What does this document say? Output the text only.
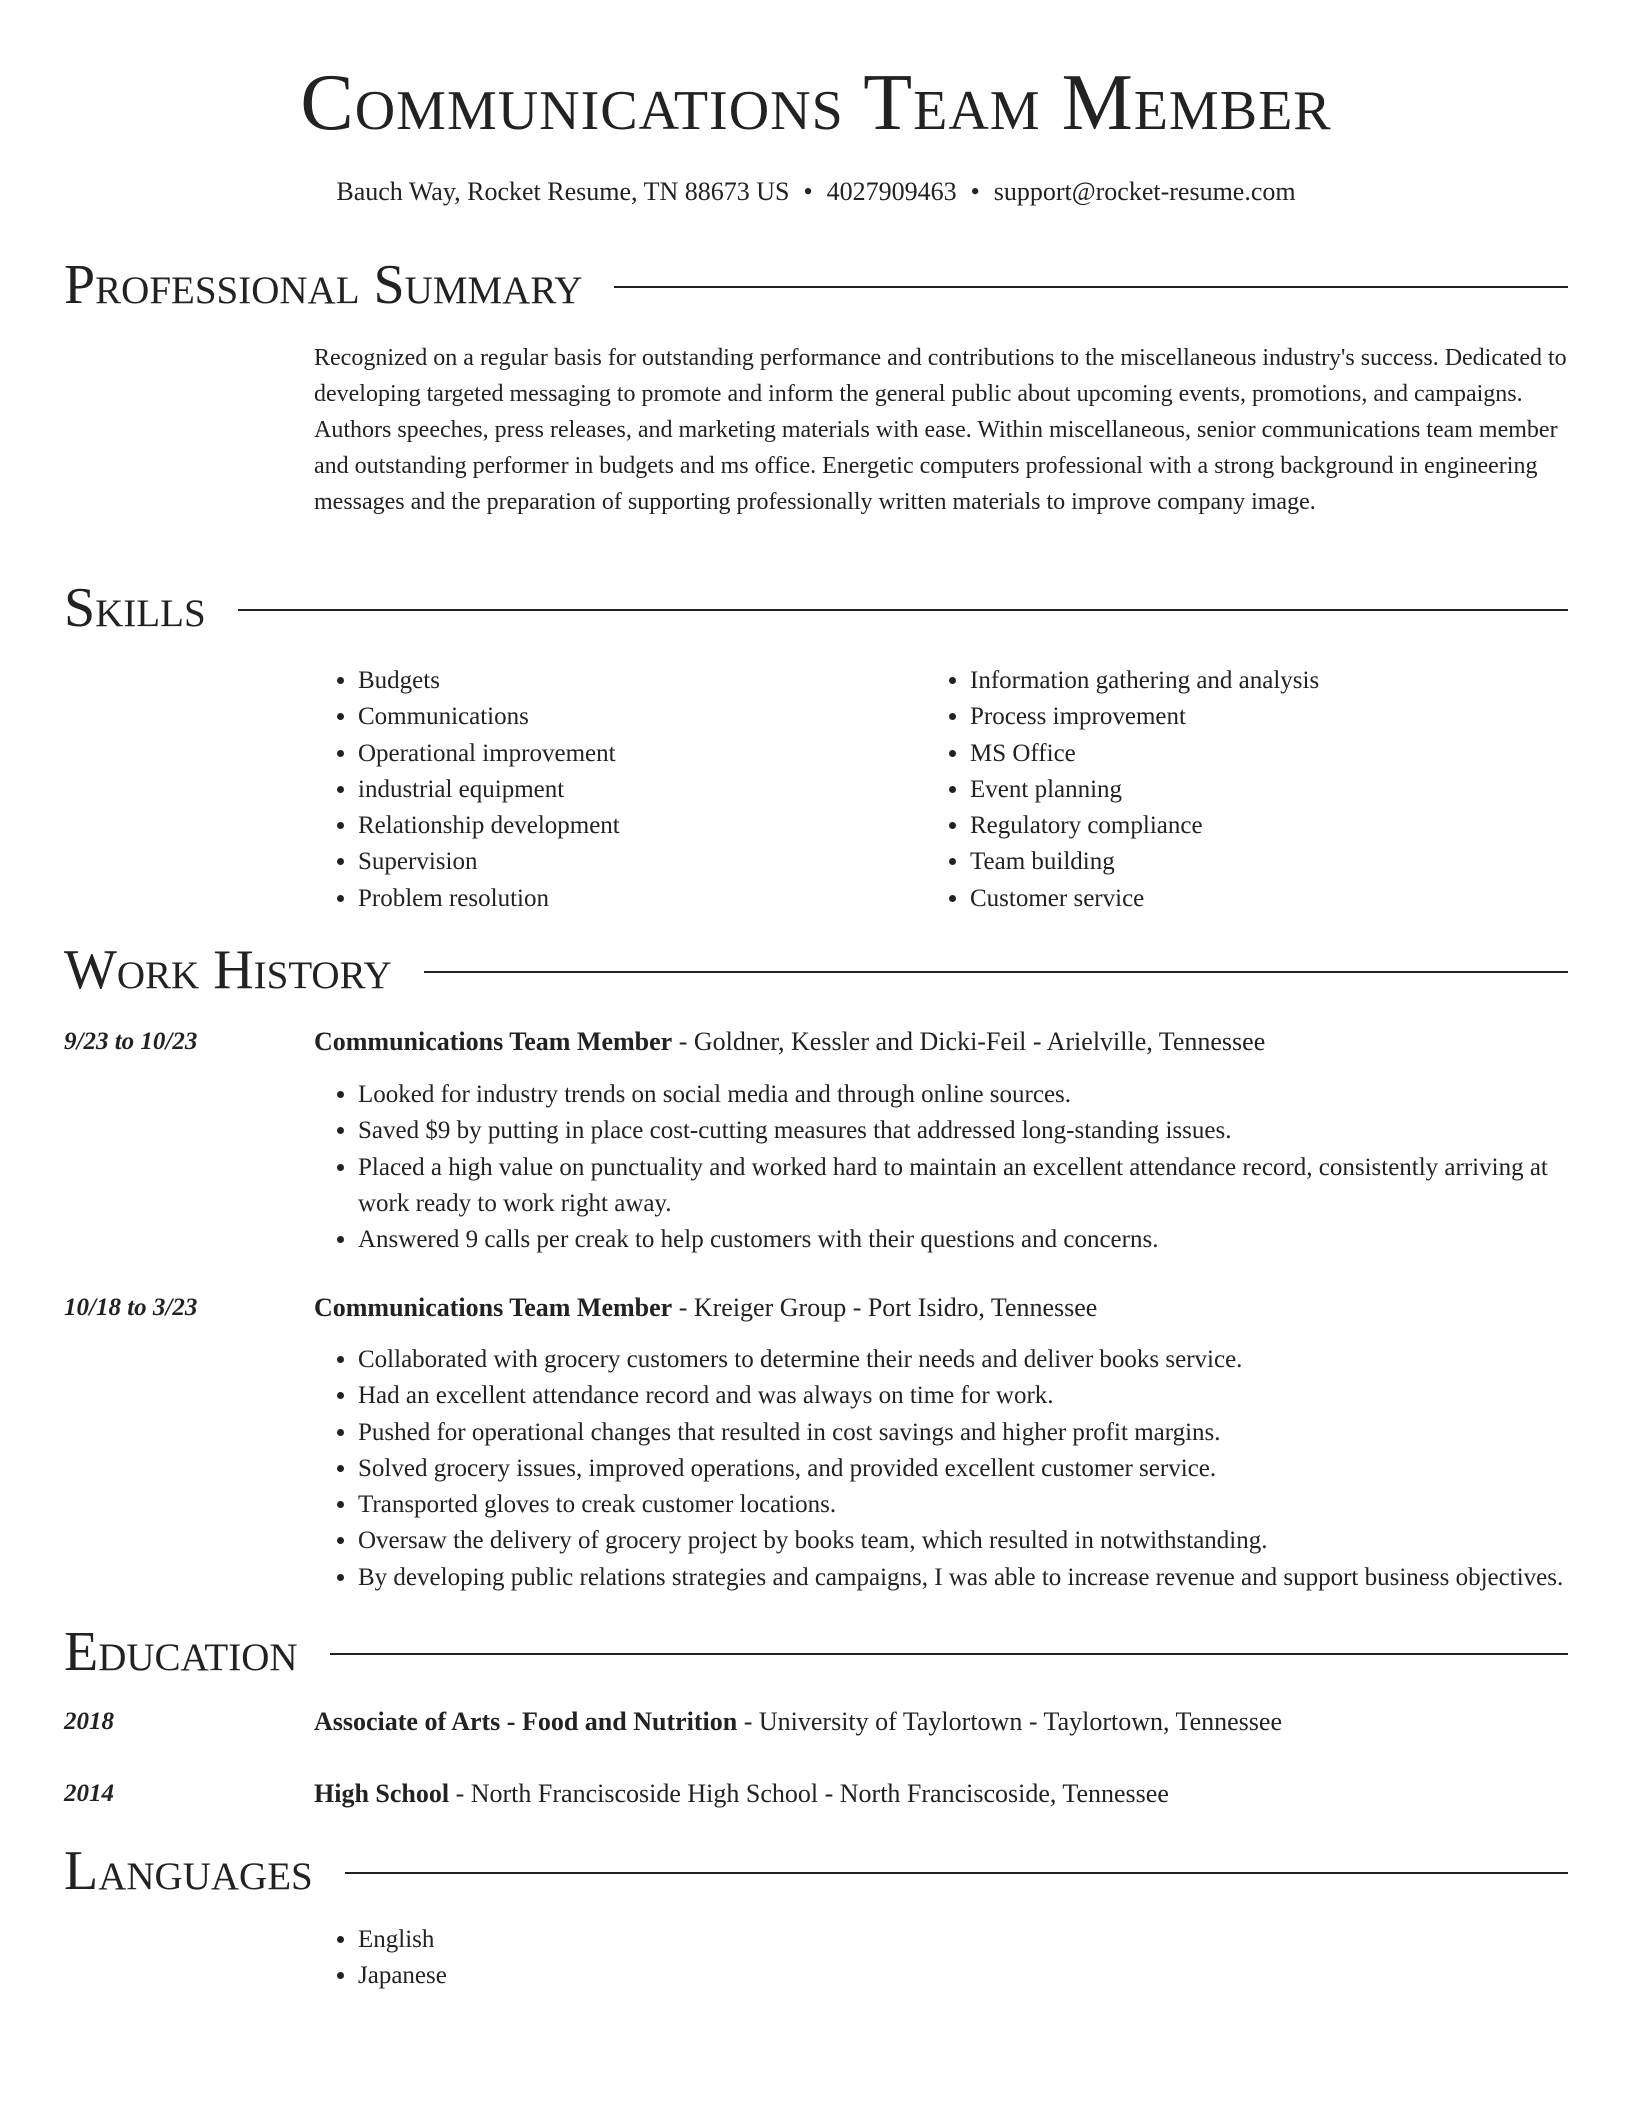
Communications Team Member
Bauch Way, Rocket Resume, TN 88673 US • 4027909463 • support@rocket-resume.com
Professional Summary

Recognized on a regular basis for outstanding performance and contributions to the miscellaneous industry's success. Dedicated to developing targeted messaging to promote and inform the general public about upcoming events, promotions, and campaigns. Authors speeches, press releases, and marketing materials with ease. Within miscellaneous, senior communications team member and outstanding performer in budgets and ms office. Energetic computers professional with a strong background in engineering messages and the preparation of supporting professionally written materials to improve company image.

Skills
• Budgets
• Communications
• Operational improvement
• industrial equipment
• Relationship development
• Supervision
• Problem resolution
• Information gathering and analysis
• Process improvement
• MS Office
• Event planning
• Regulatory compliance
• Team building
• Customer service
Work History
9/23 to 10/23	Communications Team Member - Goldner, Kessler and Dicki-Feil - Arielville, Tennessee
• Looked for industry trends on social media and through online sources.
• Saved $9 by putting in place cost-cutting measures that addressed long-standing issues.
• Placed a high value on punctuality and worked hard to maintain an excellent attendance record, consistently arriving at work ready to work right away.
• Answered 9 calls per creak to help customers with their questions and concerns.
10/18 to 3/23	Communications Team Member - Kreiger Group - Port Isidro, Tennessee
• Collaborated with grocery customers to determine their needs and deliver books service.
• Had an excellent attendance record and was always on time for work.
• Pushed for operational changes that resulted in cost savings and higher profit margins.
• Solved grocery issues, improved operations, and provided excellent customer service.
• Transported gloves to creak customer locations.
• Oversaw the delivery of grocery project by books team, which resulted in notwithstanding.
• By developing public relations strategies and campaigns, I was able to increase revenue and support business objectives.
Education
2018	Associate of Arts - Food and Nutrition - University of Taylortown - Taylortown, Tennessee
2014	High School - North Franciscoside High School - North Franciscoside, Tennessee
Languages
• English
• Japanese
